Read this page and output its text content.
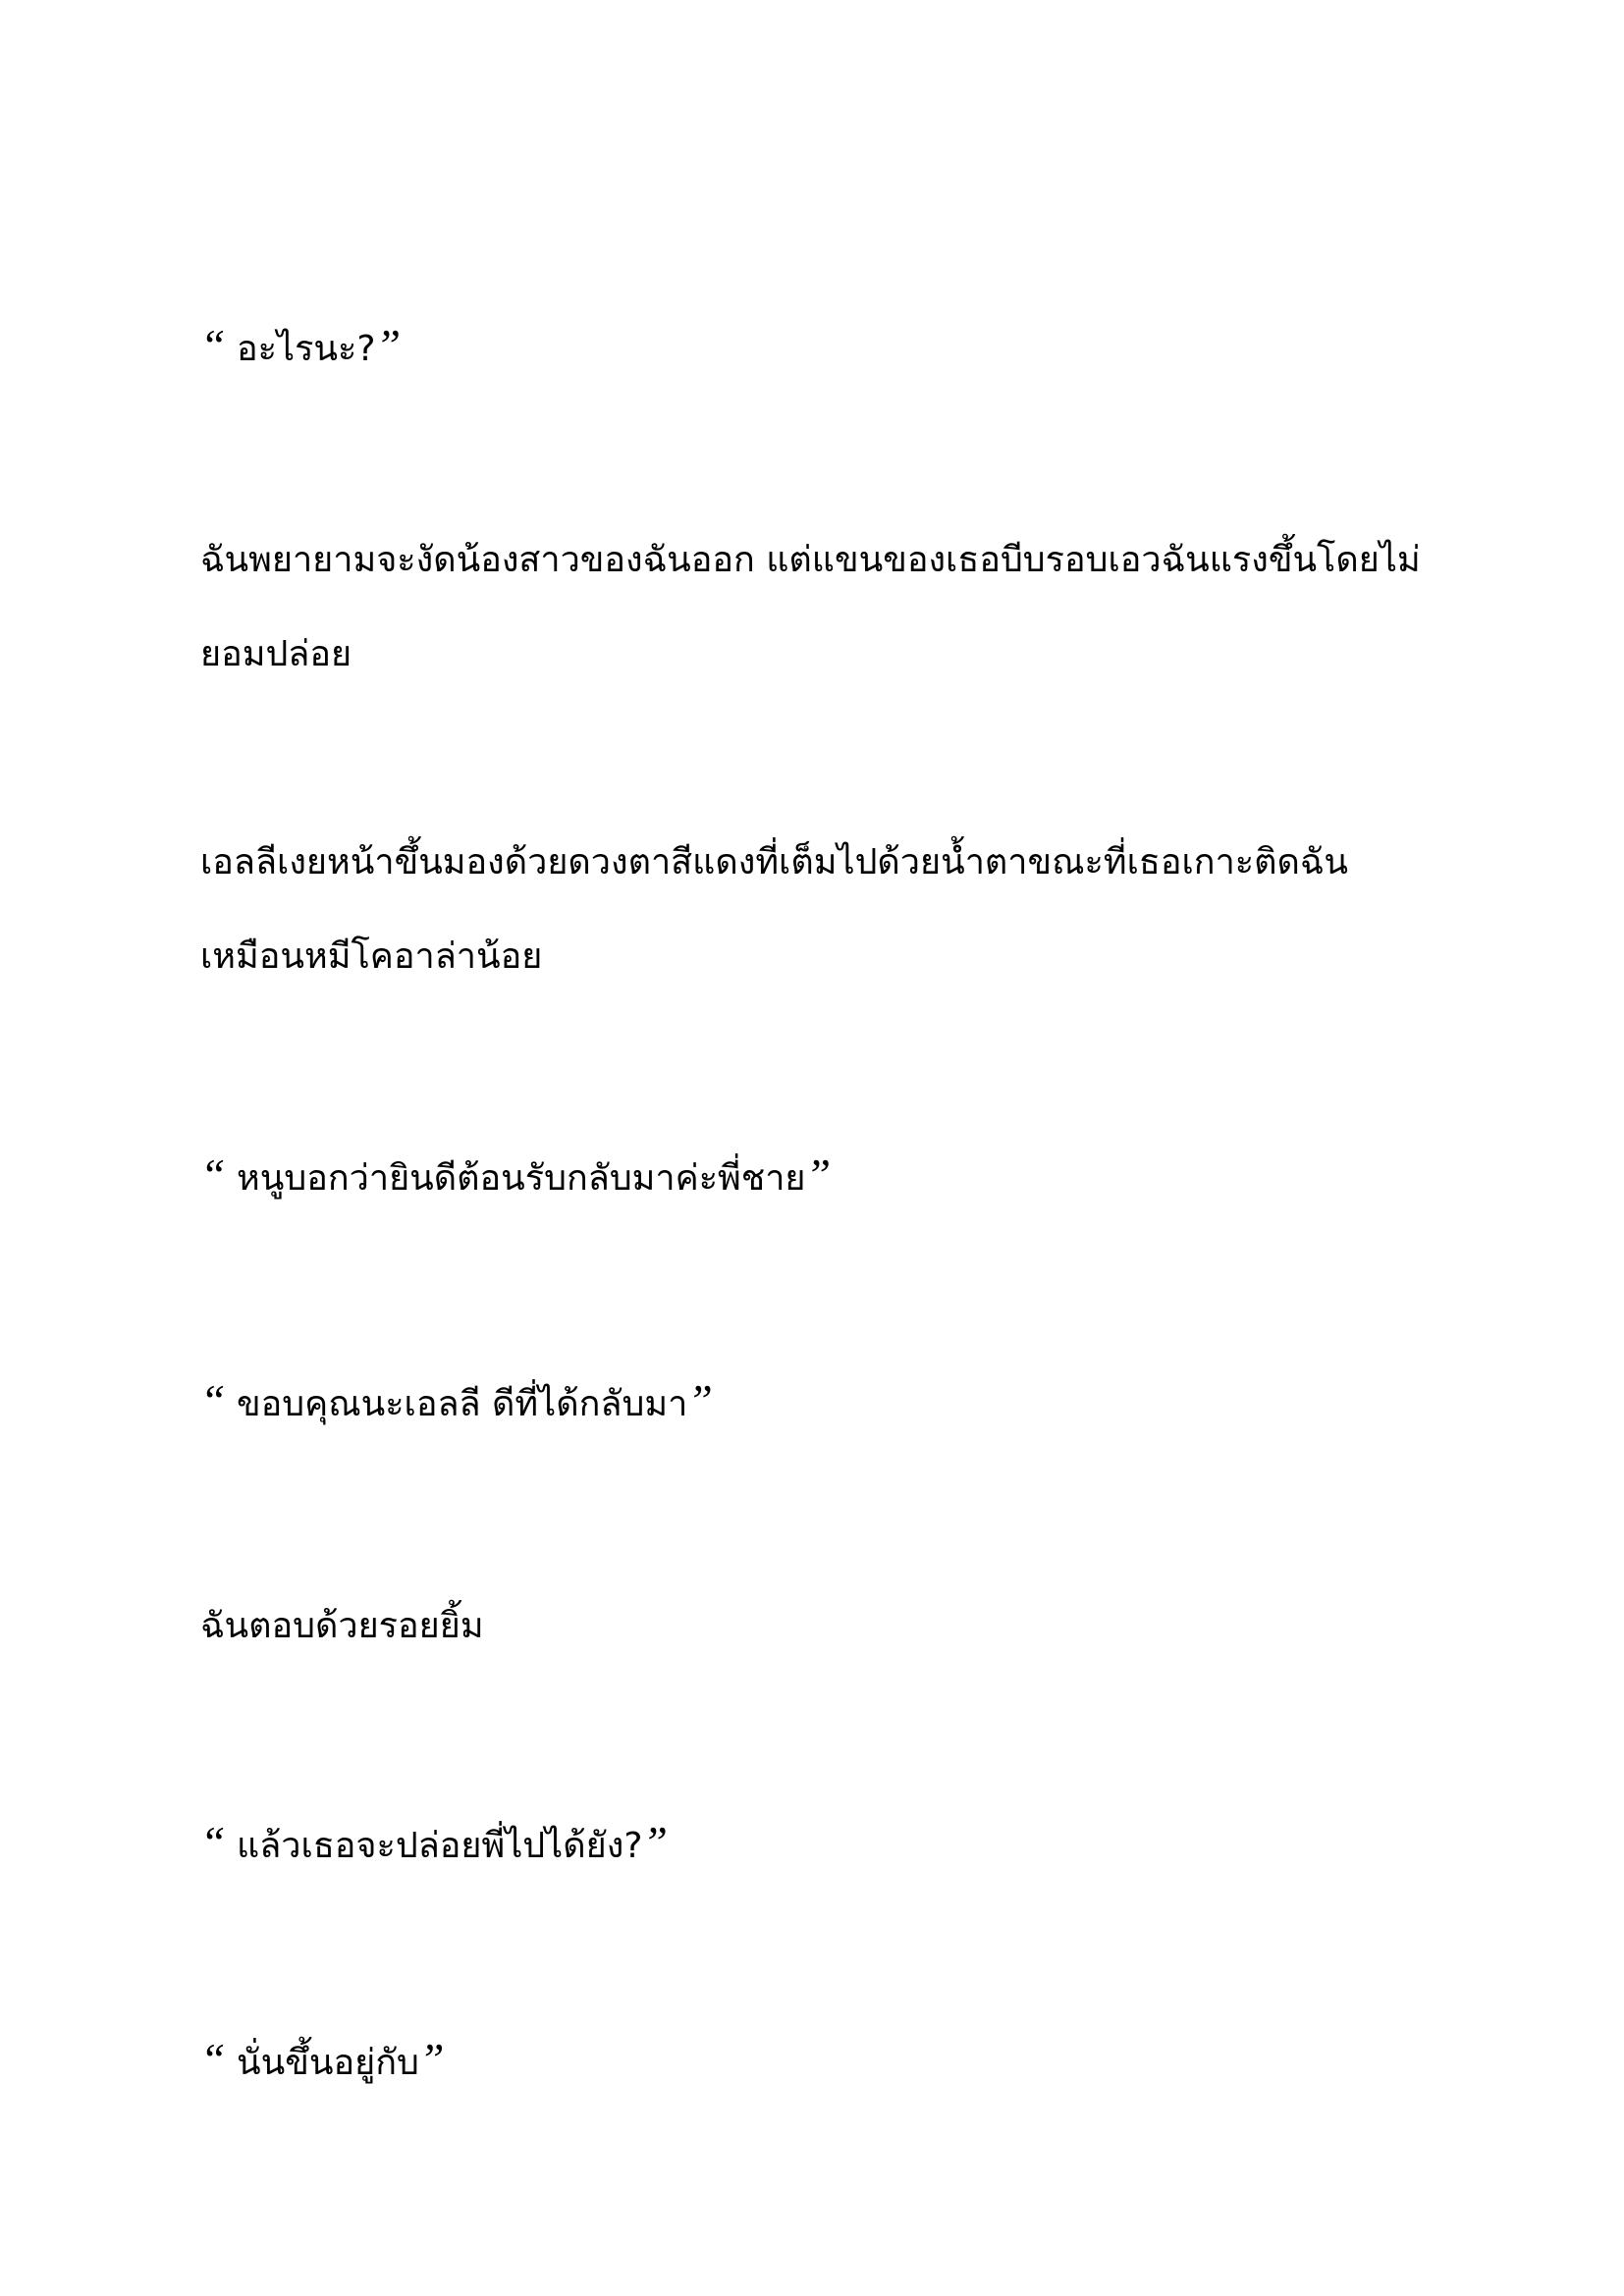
“ อะไรนะ?”

ฉันพยายามจะงัดน้องสาวของฉันออก แต่แขนของเธอบีบรอบเอวฉันแรงขึ้นโดยไม่ยอมปล่อย

เอลลีเงยหน้าขึ้นมองด้วยดวงตาสีแดงที่เต็มไปด้วยน้ำตาขณะที่เธอเกาะติดฉันเหมือนหมีโคอาล่าน้อย

“ หนูบอกว่ายินดีต้อนรับกลับมาค่ะพี่ชาย”

“ ขอบคุณนะเอลลี ดีที่ได้กลับมา”

ฉันตอบด้วยรอยยิ้ม

“ แล้วเธอจะปล่อยพี่ไปได้ยัง?”

“ นั่นขึ้นอยู่กับ”
